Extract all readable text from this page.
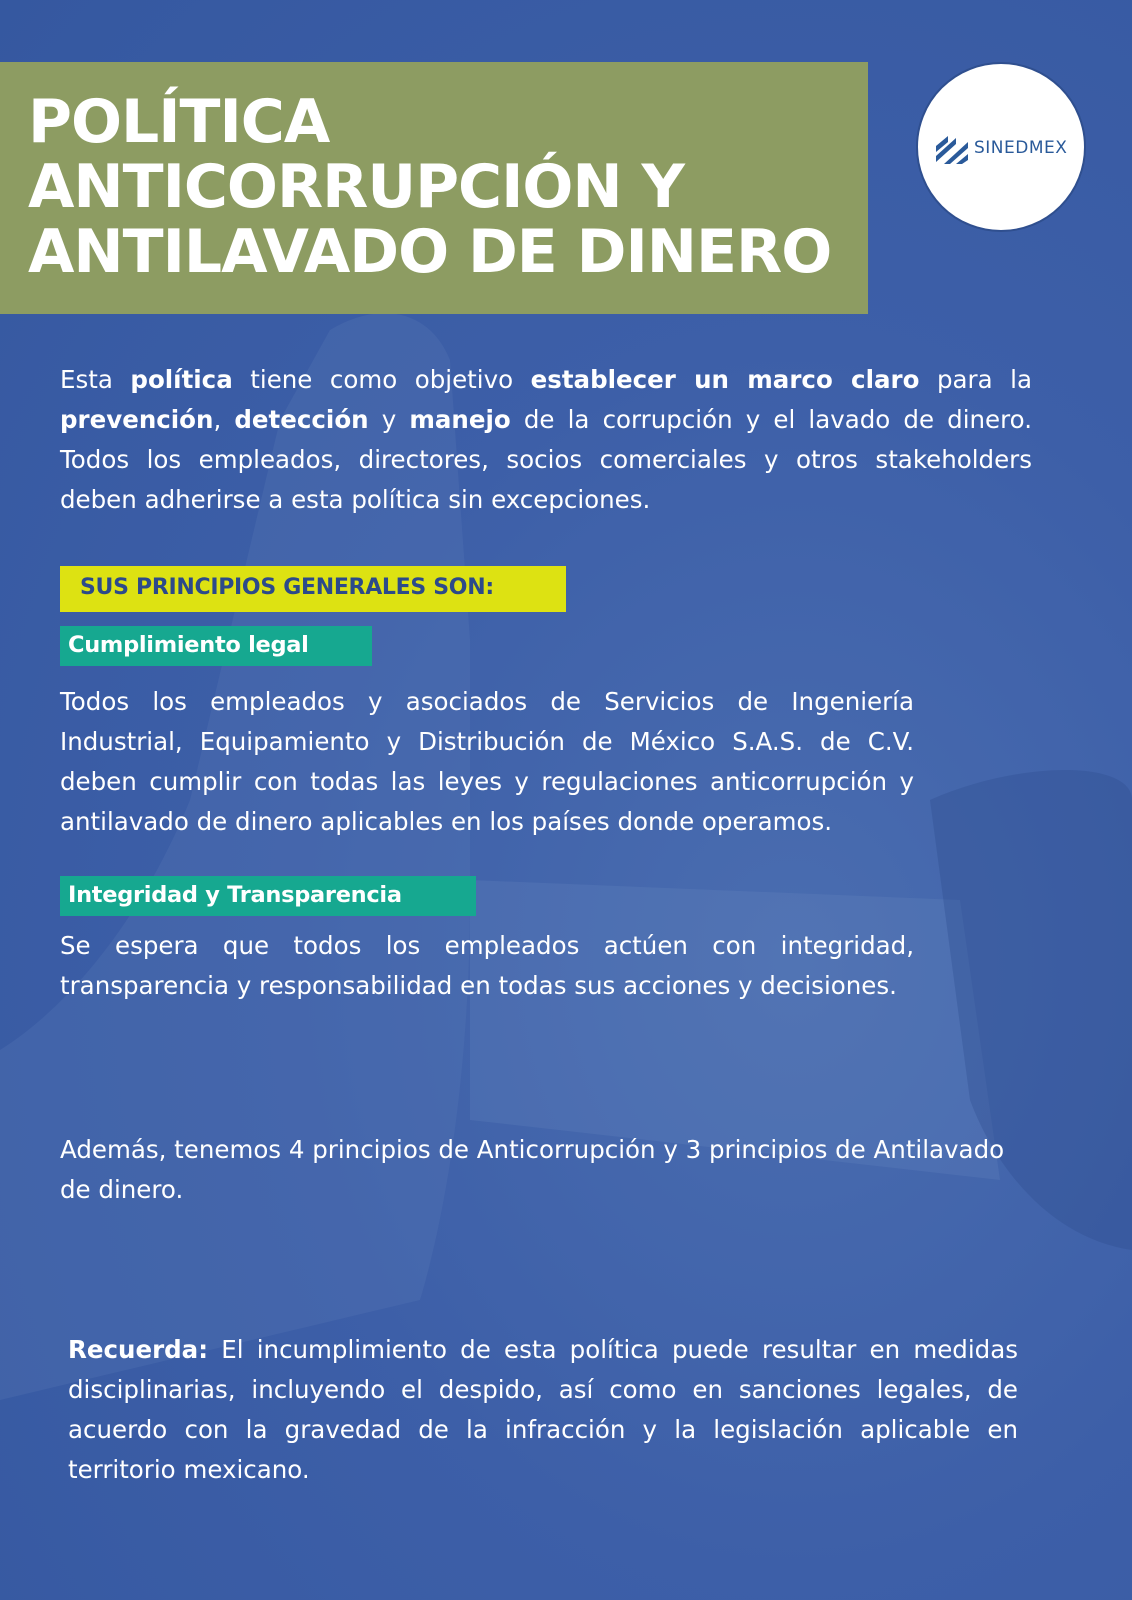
POLÍTICA
ANTICORRUPCIÓN Y
ANTILAVADO DE DINERO
SINEDMEX

Esta política tiene como objetivo establecer un marco claro para la prevención, detección y manejo de la corrupción y el lavado de dinero. Todos los empleados, directores, socios comerciales y otros stakeholders deben adherirse a esta política sin excepciones.

SUS PRINCIPIOS GENERALES SON:
Cumplimiento legal

Todos los empleados y asociados de Servicios de Ingeniería Industrial, Equipamiento y Distribución de México S.A.S. de C.V. deben cumplir con todas las leyes y regulaciones anticorrupción y antilavado de dinero aplicables en los países donde operamos.

Integridad y Transparencia

Se espera que todos los empleados actúen con integridad, transparencia y responsabilidad en todas sus acciones y decisiones.

Además, tenemos 4 principios de Anticorrupción y 3 principios de Antilavado de dinero.

Recuerda: El incumplimiento de esta política puede resultar en medidas disciplinarias, incluyendo el despido, así como en sanciones legales, de acuerdo con la gravedad de la infracción y la legislación aplicable en territorio mexicano.
